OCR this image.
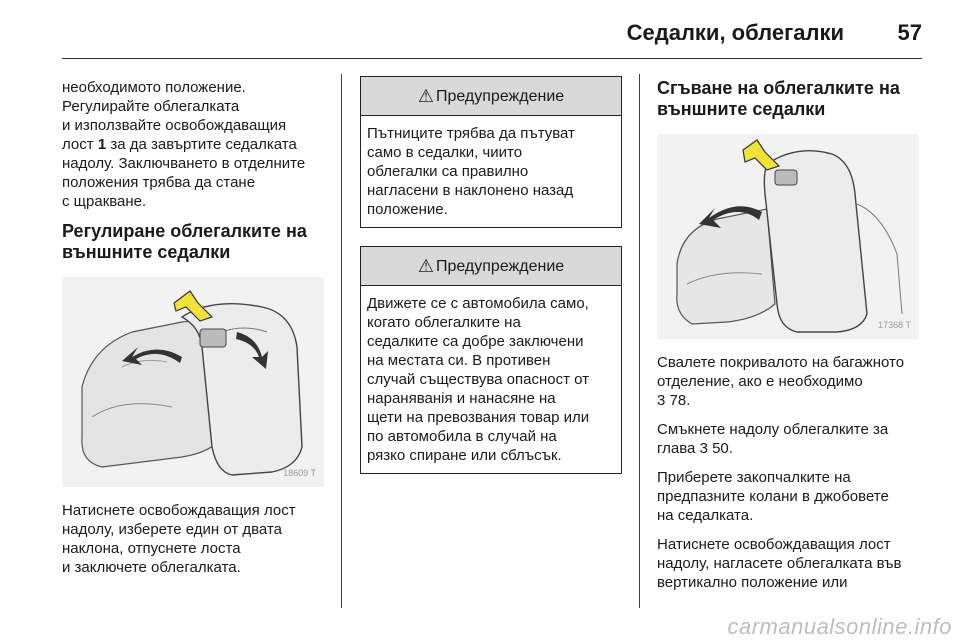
Седалки, облегалки 57

необходимото положение.
Регулирайте облегалката
и използвайте освобождаващия
лост 1 за да завъртите седалката
надолу. Заключването в отделните
положения трябва да стане
с щракване.

Регулиране облегалките на
външните седалки
18609 T

Натиснете освобождаващия лост
надолу, изберете един от двата
наклона, отпуснете лоста
и заключете облегалката.

⚠ Предупреждение
Пътниците трябва да пътуват
само в седалки, чиито
облегалки са правилно
нагласени в наклонено назад
положение.
⚠ Предупреждение
Движете се с автомобила само,
когато облегалките на
седалките са добре заключени
на местата си. В противен
случай съществува опасност от
нараняванія и нанасяне на
щети на превозвания товар или
по автомобила в случай на
рязко спиране или сблъсък.
Сгъване на облегалките на
външните седалки
17368 T

Свалете покривалото на багажното
отделение, ако е необходимо
3 78.

Смъкнете надолу облегалките за
глава 3 50.

Приберете закопчалките на
предпазните колани в джобовете
на седалката.

Натиснете освобождаващия лост
надолу, нагласете облегалката във
вертикално положение или

carmanualsonline.info
